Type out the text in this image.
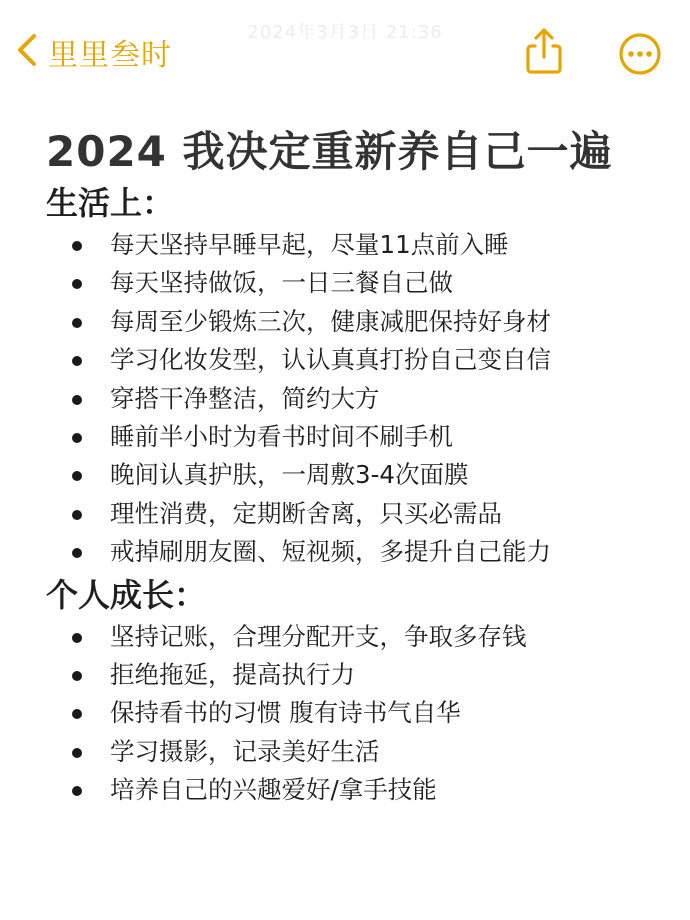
2024年3月3日 21:36
里里叁时
2024 我决定重新养自己一遍
生活上：
每天坚持早睡早起，尽量11点前入睡
每天坚持做饭，一日三餐自己做
每周至少锻炼三次，健康减肥保持好身材
学习化妆发型，认认真真打扮自己变自信
穿搭干净整洁，简约大方
睡前半小时为看书时间不刷手机
晚间认真护肤，一周敷3-4次面膜
理性消费，定期断舍离，只买必需品
戒掉刷朋友圈、短视频，多提升自己能力
个人成长：
坚持记账，合理分配开支，争取多存钱
拒绝拖延，提高执行力
保持看书的习惯 腹有诗书气自华
学习摄影，记录美好生活
培养自己的兴趣爱好/拿手技能
